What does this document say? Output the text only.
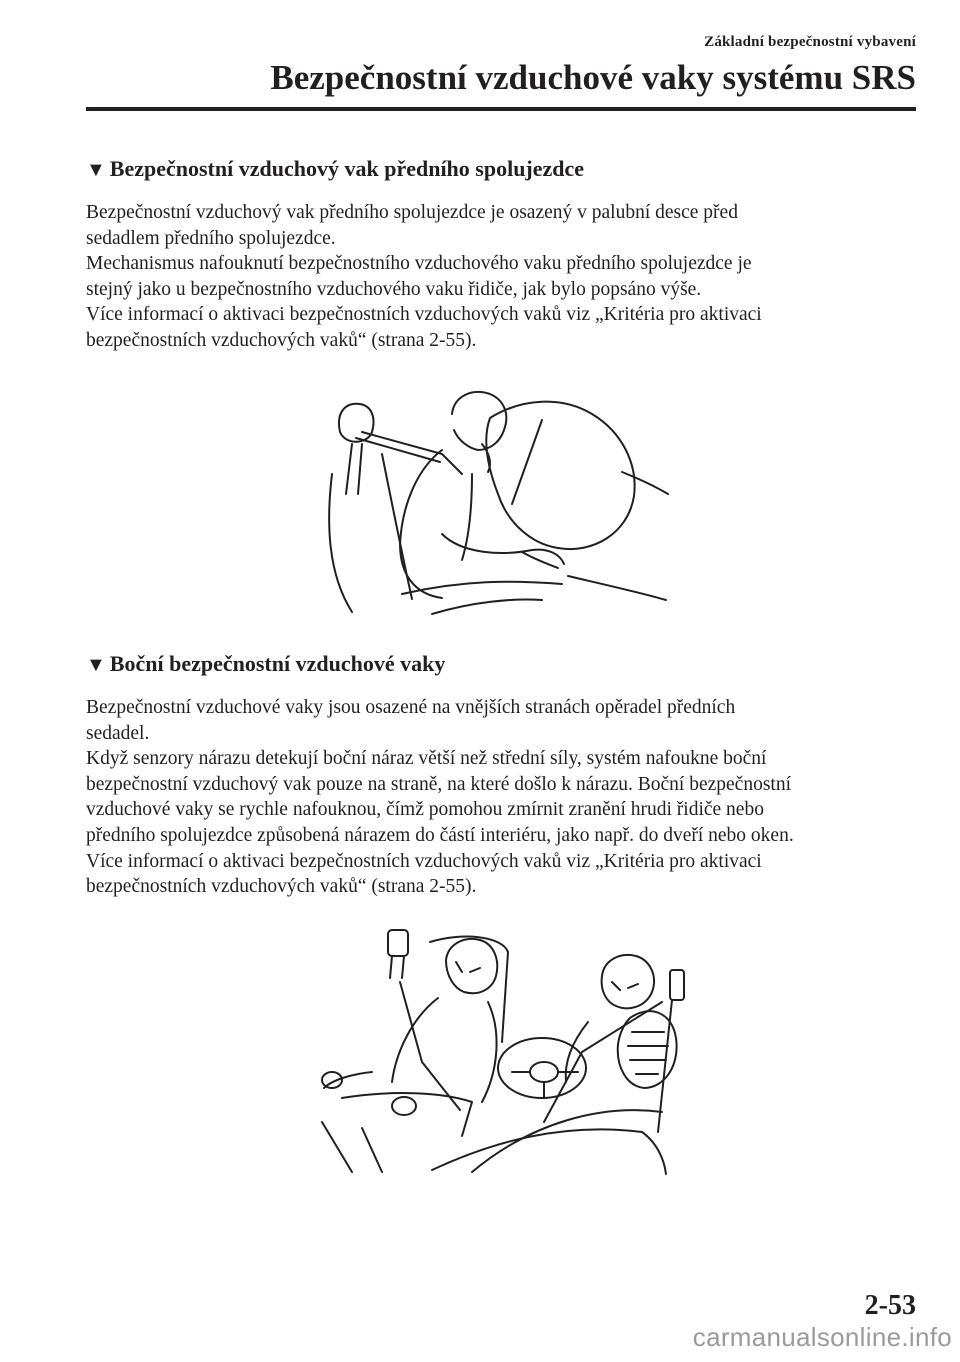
Základní bezpečnostní vybavení
Bezpečnostní vzduchové vaky systému SRS
▼ Bezpečnostní vzduchový vak předního spolujezdce

Bezpečnostní vzduchový vak předního spolujezdce je osazený v palubní desce před

sedadlem předního spolujezdce.

Mechanismus nafouknutí bezpečnostního vzduchového vaku předního spolujezdce je

stejný jako u bezpečnostního vzduchového vaku řidiče, jak bylo popsáno výše.

Více informací o aktivaci bezpečnostních vzduchových vaků viz „Kritéria pro aktivaci

bezpečnostních vzduchových vaků“ (strana 2-55).

▼ Boční bezpečnostní vzduchové vaky

Bezpečnostní vzduchové vaky jsou osazené na vnějších stranách opěradel předních

sedadel.

Když senzory nárazu detekují boční náraz větší než střední síly, systém nafoukne boční

bezpečnostní vzduchový vak pouze na straně, na které došlo k nárazu. Boční bezpečnostní

vzduchové vaky se rychle nafouknou, čímž pomohou zmírnit zranění hrudi řidiče nebo

předního spolujezdce způsobená nárazem do částí interiéru, jako např. do dveří nebo oken.

Více informací o aktivaci bezpečnostních vzduchových vaků viz „Kritéria pro aktivaci

bezpečnostních vzduchových vaků“ (strana 2-55).

2-53
carmanualsonline.info
